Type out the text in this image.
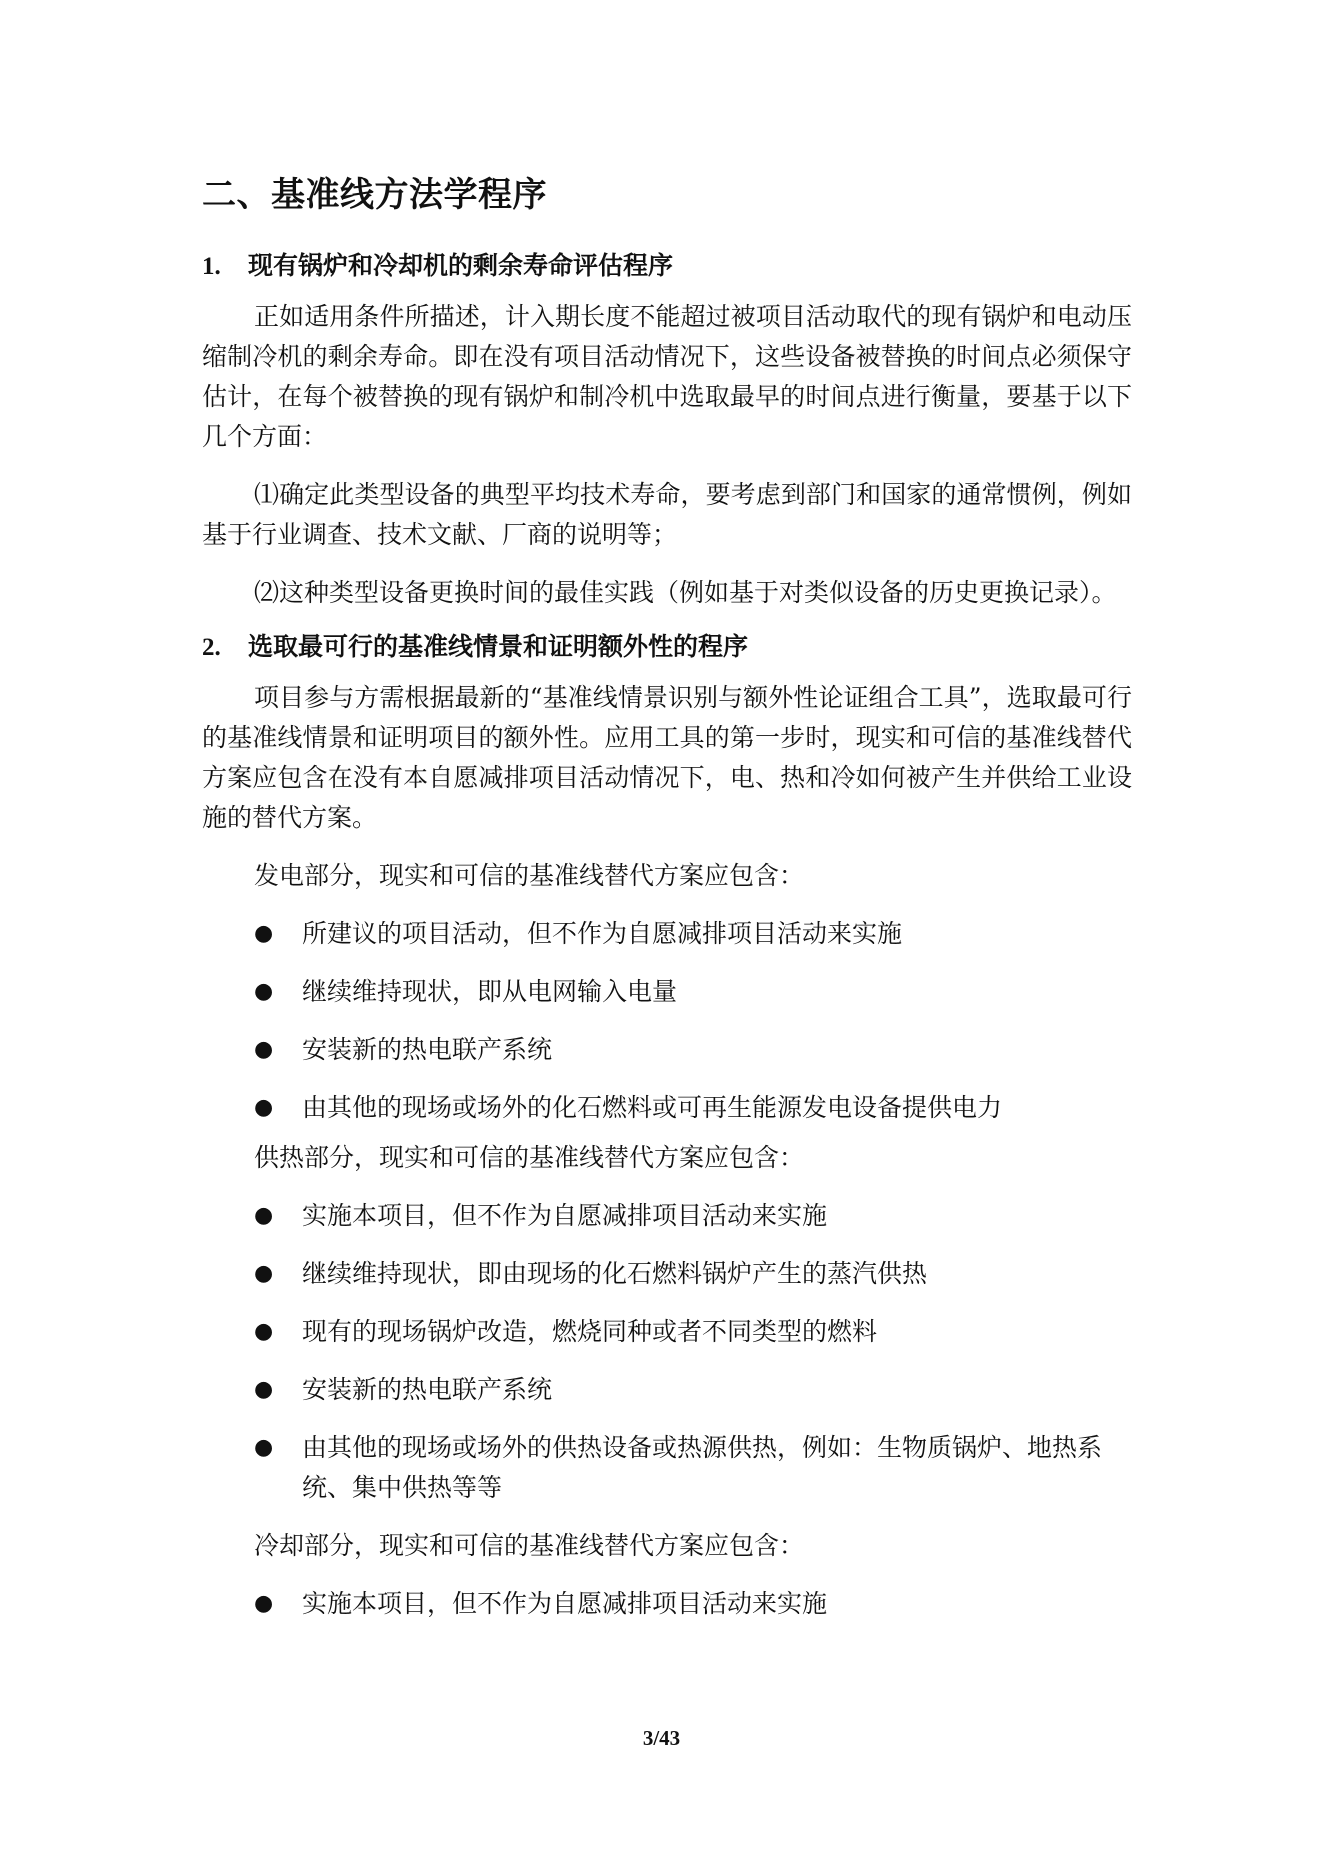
二、基准线方法学程序
1. 现有锅炉和冷却机的剩余寿命评估程序

正如适用条件所描述，计入期长度不能超过被项目活动取代的现有锅炉和电动压缩制冷机的剩余寿命。即在没有项目活动情况下，这些设备被替换的时间点必须保守估计，在每个被替换的现有锅炉和制冷机中选取最早的时间点进行衡量，要基于以下几个方面：

⑴确定此类型设备的典型平均技术寿命，要考虑到部门和国家的通常惯例，例如基于行业调查、技术文献、厂商的说明等；

⑵这种类型设备更换时间的最佳实践（例如基于对类似设备的历史更换记录）。

2. 选取最可行的基准线情景和证明额外性的程序

项目参与方需根据最新的“基准线情景识别与额外性论证组合工具”，选取最可行的基准线情景和证明项目的额外性。应用工具的第一步时，现实和可信的基准线替代方案应包含在没有本自愿减排项目活动情况下，电、热和冷如何被产生并供给工业设施的替代方案。

发电部分，现实和可信的基准线替代方案应包含：

● 所建议的项目活动，但不作为自愿减排项目活动来实施
● 继续维持现状，即从电网输入电量
● 安装新的热电联产系统
● 由其他的现场或场外的化石燃料或可再生能源发电设备提供电力

供热部分，现实和可信的基准线替代方案应包含：

● 实施本项目，但不作为自愿减排项目活动来实施
● 继续维持现状，即由现场的化石燃料锅炉产生的蒸汽供热
● 现有的现场锅炉改造，燃烧同种或者不同类型的燃料
● 安装新的热电联产系统
● 由其他的现场或场外的供热设备或热源供热，例如：生物质锅炉、地热系统、集中供热等等

冷却部分，现实和可信的基准线替代方案应包含：

● 实施本项目，但不作为自愿减排项目活动来实施
3/43
